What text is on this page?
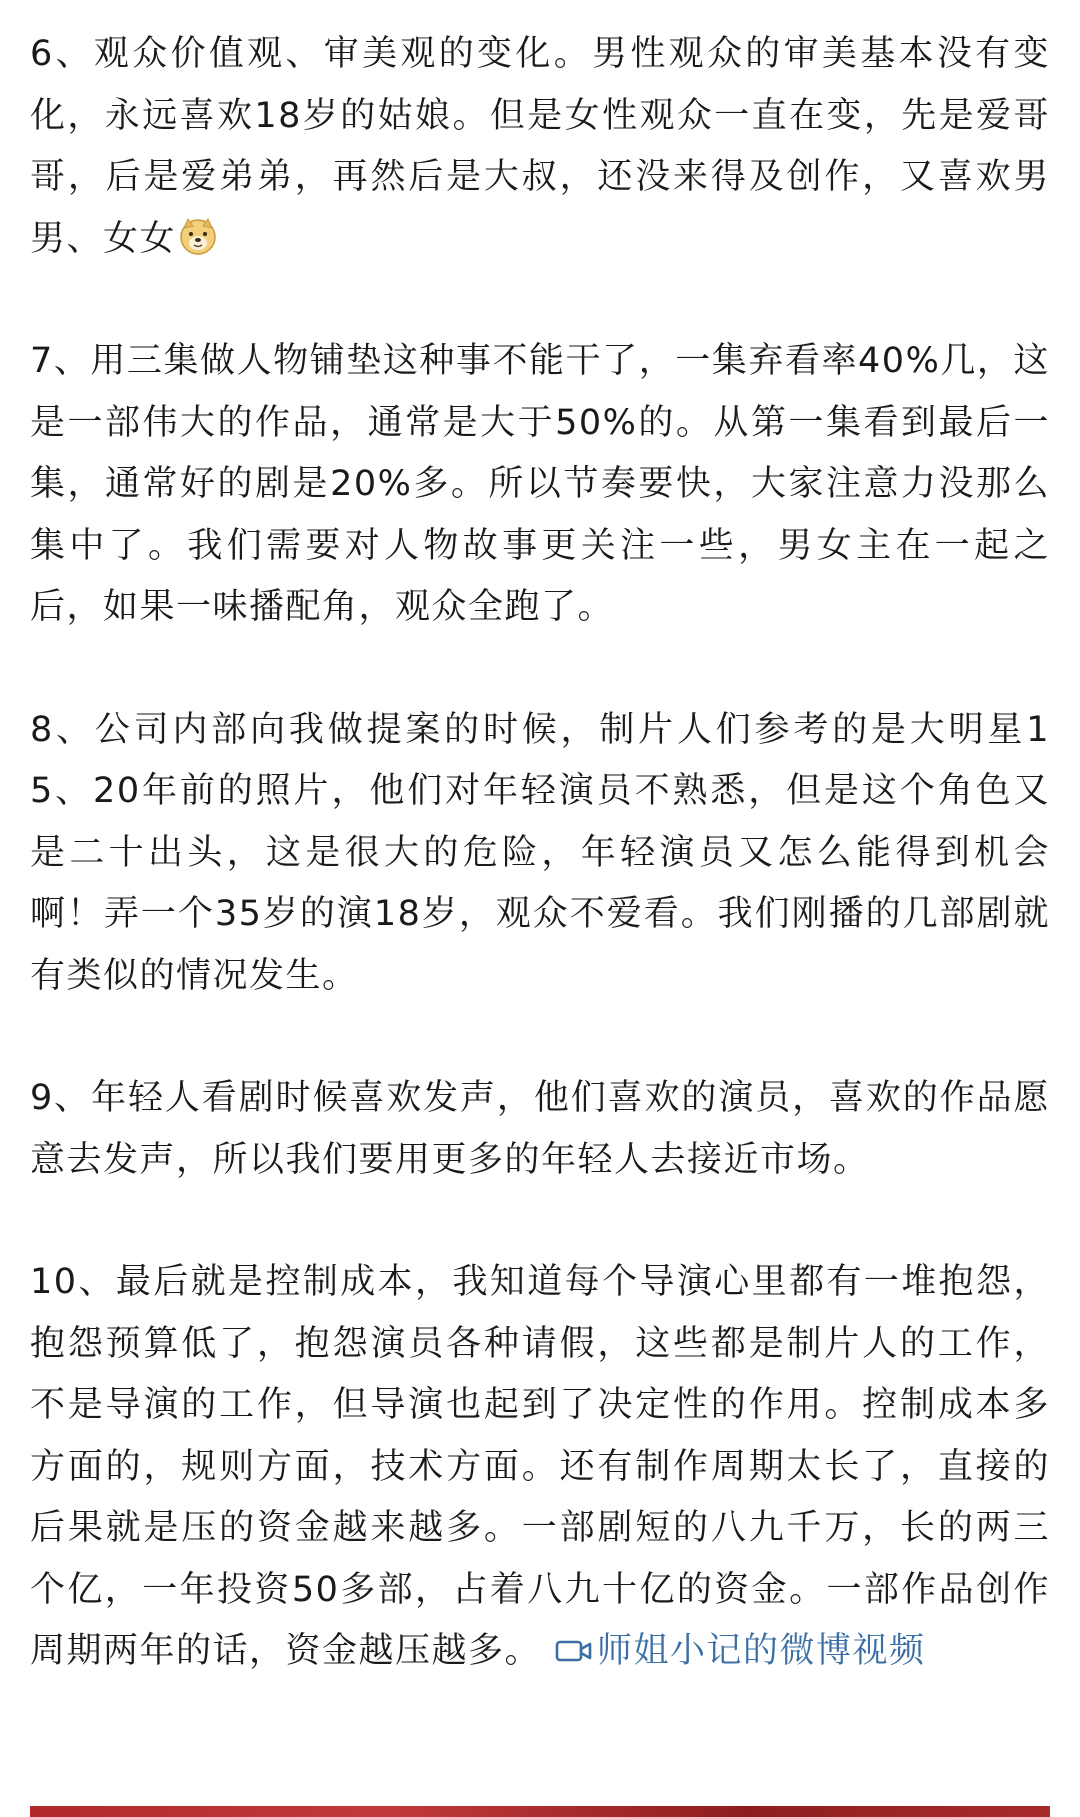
6、观众价值观、审美观的变化。男性观众的审美基本没有变化，永远喜欢18岁的姑娘。但是女性观众一直在变，先是爱哥哥，后是爱弟弟，再然后是大叔，还没来得及创作，又喜欢男男、女女

7、用三集做人物铺垫这种事不能干了，一集弃看率40%几，这是一部伟大的作品，通常是大于50%的。从第一集看到最后一集，通常好的剧是20%多。所以节奏要快，大家注意力没那么集中了。我们需要对人物故事更关注一些，男女主在一起之后，如果一味播配角，观众全跑了。

8、公司内部向我做提案的时候，制片人们参考的是大明星15、20年前的照片，他们对年轻演员不熟悉，但是这个角色又是二十出头，这是很大的危险，年轻演员又怎么能得到机会啊！弄一个35岁的演18岁，观众不爱看。我们刚播的几部剧就有类似的情况发生。

9、年轻人看剧时候喜欢发声，他们喜欢的演员，喜欢的作品愿意去发声，所以我们要用更多的年轻人去接近市场。

10、最后就是控制成本，我知道每个导演心里都有一堆抱怨，抱怨预算低了，抱怨演员各种请假，这些都是制片人的工作，不是导演的工作，但导演也起到了决定性的作用。控制成本多方面的，规则方面，技术方面。还有制作周期太长了，直接的后果就是压的资金越来越多。一部剧短的八九千万，长的两三个亿，一年投资50多部，占着八九十亿的资金。一部作品创作周期两年的话，资金越压越多。 师姐小记的微博视频
